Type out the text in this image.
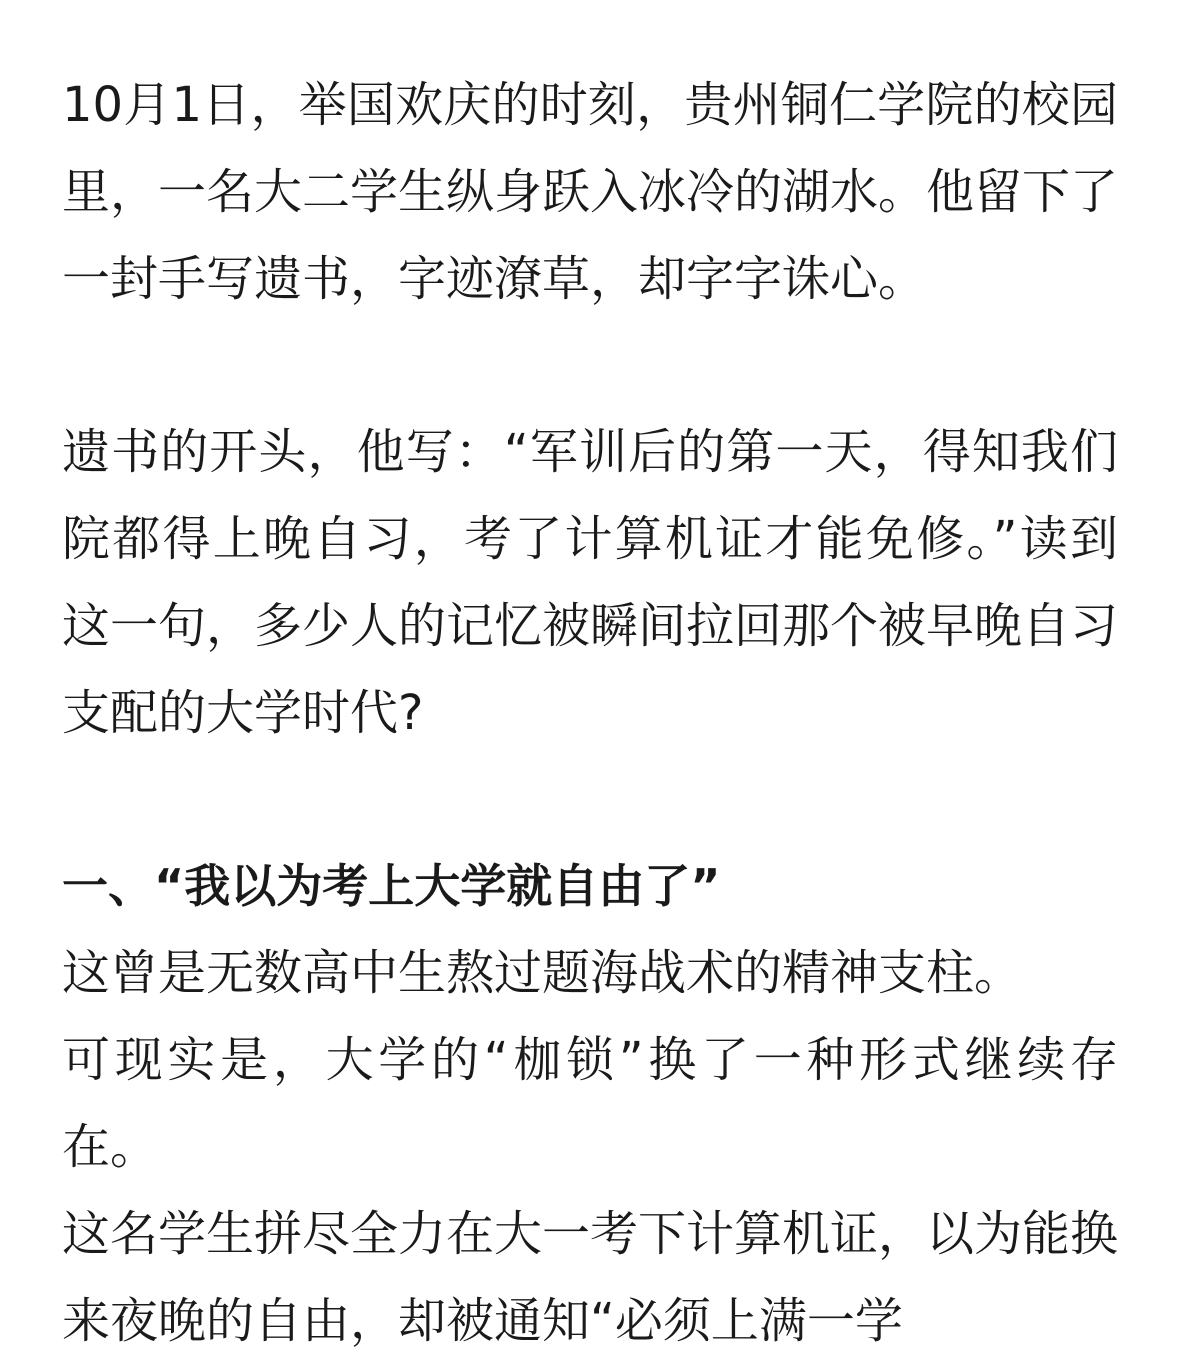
10月1日，举国欢庆的时刻，贵州铜仁学院的校园里，一名大二学生纵身跃入冰冷的湖水。他留下了一封手写遗书，字迹潦草，却字字诛心。

遗书的开头，他写：“军训后的第一天，得知我们院都得上晚自习，考了计算机证才能免修。”读到这一句，多少人的记忆被瞬间拉回那个被早晚自习支配的大学时代?

一、“我以为考上大学就自由了”

这曾是无数高中生熬过题海战术的精神支柱。

可现实是，大学的“枷锁”换了一种形式继续存在。

这名学生拼尽全力在大一考下计算机证，以为能换来夜晚的自由，却被通知“必须上满一学
